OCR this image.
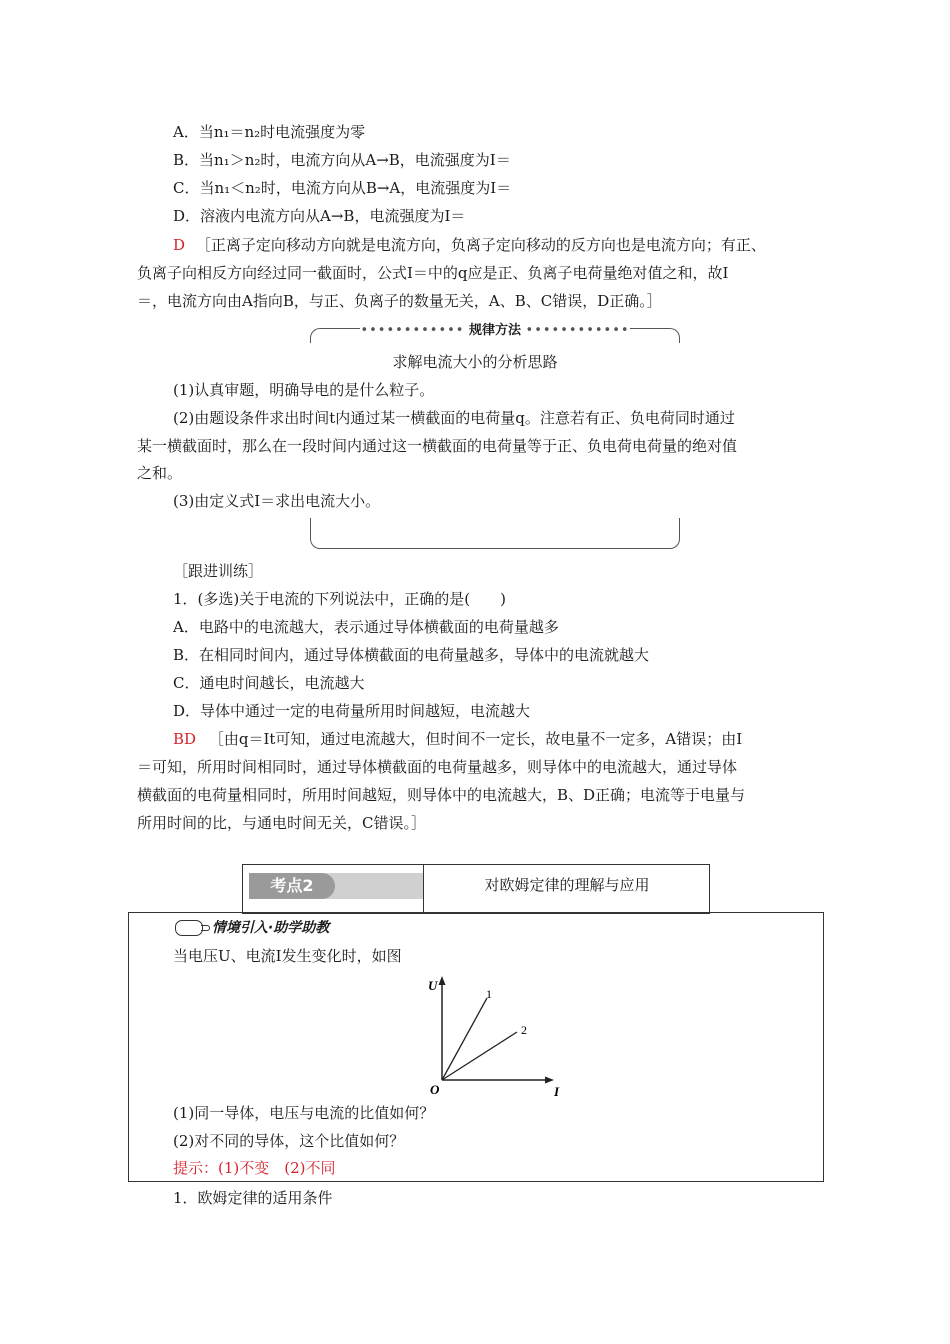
A．当n₁＝n₂时电流强度为零
B．当n₁＞n₂时，电流方向从A→B，电流强度为I＝
C．当n₁＜n₂时，电流方向从B→A，电流强度为I＝
D．溶液内电流方向从A→B，电流强度为I＝
D ［正离子定向移动方向就是电流方向，负离子定向移动的反方向也是电流方向；有正、
负离子向相反方向经过同一截面时，公式I＝中的q应是正、负离子电荷量绝对值之和，故I
＝，电流方向由A指向B，与正、负离子的数量无关，A、B、C错误，D正确。］
•••••••••••• 规律方法 ••••••••••••
求解电流大小的分析思路
(1)认真审题，明确导电的是什么粒子。
(2)由题设条件求出时间t内通过某一横截面的电荷量q。注意若有正、负电荷同时通过
某一横截面时，那么在一段时间内通过这一横截面的电荷量等于正、负电荷电荷量的绝对值
之和。
(3)由定义式I＝求出电流大小。
［跟进训练］
1．(多选)关于电流的下列说法中，正确的是(　　)
A．电路中的电流越大，表示通过导体横截面的电荷量越多
B．在相同时间内，通过导体横截面的电荷量越多，导体中的电流就越大
C．通电时间越长，电流越大
D．导体中通过一定的电荷量所用时间越短，电流越大
BD ［由q＝It可知，通过电流越大，但时间不一定长，故电量不一定多，A错误；由I
＝可知，所用时间相同时，通过导体横截面的电荷量越多，则导体中的电流越大，通过导体
横截面的电荷量相同时，所用时间越短，则导体中的电流越大，B、D正确；电流等于电量与
所用时间的比，与通电时间无关，C错误。］
考点2	对欧姆定律的理解与应用
情境引入·助学助教
当电压U、电流I发生变化时，如图
U
I
O
1
2
(1)同一导体，电压与电流的比值如何？
(2)对不同的导体，这个比值如何？
提示：(1)不变　(2)不同
1．欧姆定律的适用条件
